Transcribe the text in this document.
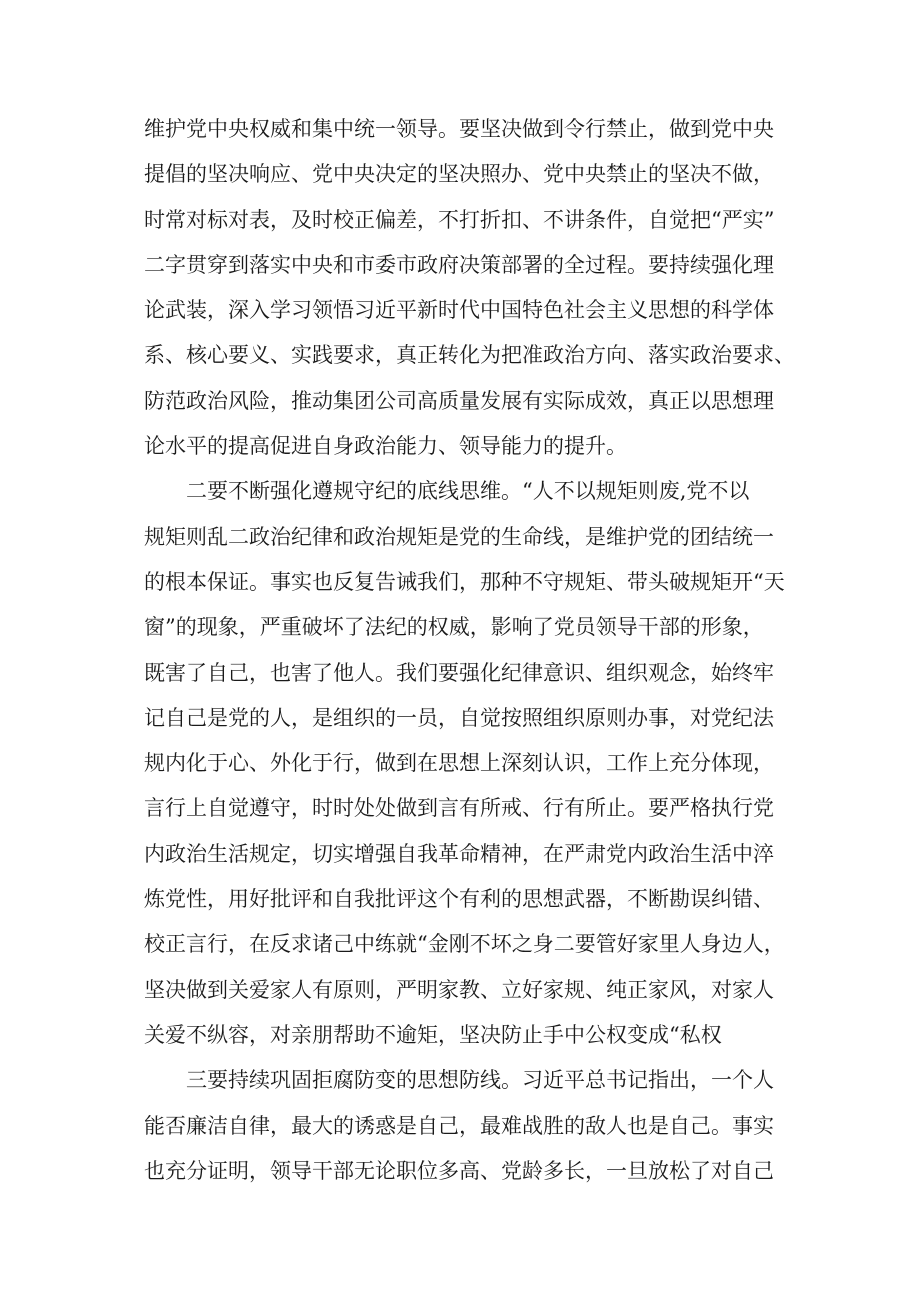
维护党中央权威和集中统一领导。要坚决做到令行禁止，做到党中央
提倡的坚决响应、党中央决定的坚决照办、党中央禁止的坚决不做，
时常对标对表，及时校正偏差，不打折扣、不讲条件，自觉把“严实”
二字贯穿到落实中央和市委市政府决策部署的全过程。要持续强化理
论武装，深入学习领悟习近平新时代中国特色社会主义思想的科学体
系、核心要义、实践要求，真正转化为把准政治方向、落实政治要求、
防范政治风险，推动集团公司高质量发展有实际成效，真正以思想理
论水平的提高促进自身政治能力、领导能力的提升。
　　二要不断强化遵规守纪的底线思维。“人不以规矩则废,党不以
规矩则乱二政治纪律和政治规矩是党的生命线，是维护党的团结统一
的根本保证。事实也反复告诫我们，那种不守规矩、带头破规矩开“天
窗”的现象，严重破坏了法纪的权威，影响了党员领导干部的形象，
既害了自己，也害了他人。我们要强化纪律意识、组织观念，始终牢
记自己是党的人，是组织的一员，自觉按照组织原则办事，对党纪法
规内化于心、外化于行，做到在思想上深刻认识，工作上充分体现，
言行上自觉遵守，时时处处做到言有所戒、行有所止。要严格执行党
内政治生活规定，切实增强自我革命精神，在严肃党内政治生活中淬
炼党性，用好批评和自我批评这个有利的思想武器，不断勘误纠错、
校正言行，在反求诸己中练就“金刚不坏之身二要管好家里人身边人，
坚决做到关爱家人有原则，严明家教、立好家规、纯正家风，对家人
关爱不纵容，对亲朋帮助不逾矩，坚决防止手中公权变成“私权
　　三要持续巩固拒腐防变的思想防线。习近平总书记指出，一个人
能否廉洁自律，最大的诱惑是自己，最难战胜的敌人也是自己。事实
也充分证明，领导干部无论职位多高、党龄多长，一旦放松了对自己
